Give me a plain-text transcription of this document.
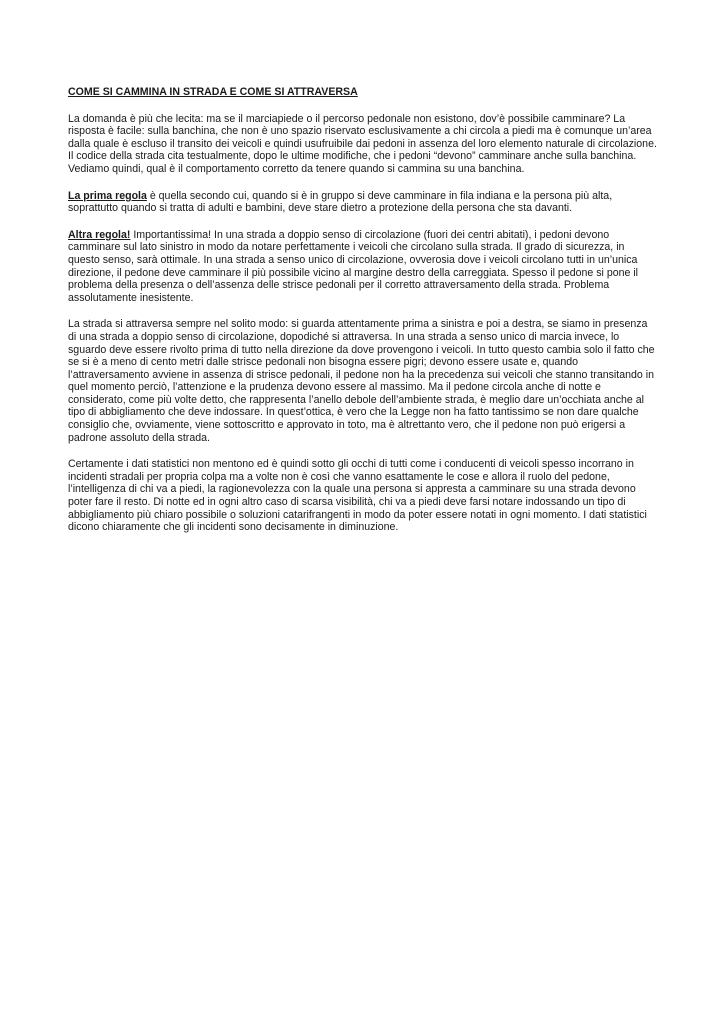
COME SI CAMMINA IN STRADA E COME SI ATTRAVERSA

La domanda è più che lecita: ma se il marciapiede o il percorso pedonale non esistono, dov’è possibile camminare? La risposta è facile: sulla banchina, che non è uno spazio riservato esclusivamente a chi circola a piedi ma è comunque un’area dalla quale è escluso il transito dei veicoli e quindi usufruibile dai pedoni in assenza del loro elemento naturale di circolazione. Il codice della strada cita testualmente, dopo le ultime modifiche, che i pedoni “devono” camminare anche sulla banchina. Vediamo quindi, qual è il comportamento corretto da tenere quando si cammina su una banchina.

La prima regola è quella secondo cui, quando si è in gruppo si deve camminare in fila indiana e la persona più alta, soprattutto quando si tratta di adulti e bambini, deve stare dietro a protezione della persona che sta davanti.

Altra regola! Importantissima! In una strada a doppio senso di circolazione (fuori dei centri abitati), i pedoni devono camminare sul lato sinistro in modo da notare perfettamente i veicoli che circolano sulla strada. Il grado di sicurezza, in questo senso, sarà ottimale. In una strada a senso unico di circolazione, ovverosia dove i veicoli circolano tutti in un’unica direzione, il pedone deve camminare il più possibile vicino al margine destro della carreggiata. Spesso il pedone si pone il problema della presenza o dell’assenza delle strisce pedonali per il corretto attraversamento della strada. Problema assolutamente inesistente.

La strada si attraversa sempre nel solito modo: si guarda attentamente prima a sinistra e poi a destra, se siamo in presenza di una strada a doppio senso di circolazione, dopodiché si attraversa. In una strada a senso unico di marcia invece, lo sguardo deve essere rivolto prima di tutto nella direzione da dove provengono i veicoli. In tutto questo cambia solo il fatto che se si è a meno di cento metri dalle strisce pedonali non bisogna essere pigri; devono essere usate e, quando l’attraversamento avviene in assenza di strisce pedonali, il pedone non ha la precedenza sui veicoli che stanno transitando in quel momento perciò, l’attenzione e la prudenza devono essere al massimo. Ma il pedone circola anche di notte e considerato, come più volte detto, che rappresenta l’anello debole dell’ambiente strada, è meglio dare un’occhiata anche al tipo di abbigliamento che deve indossare. In quest’ottica, è vero che la Legge non ha fatto tantissimo se non dare qualche consiglio che, ovviamente, viene sottoscritto e approvato in toto, ma è altrettanto vero, che il pedone non può erigersi a padrone assoluto della strada.

Certamente i dati statistici non mentono ed è quindi sotto gli occhi di tutti come i conducenti di veicoli spesso incorrano in incidenti stradali per propria colpa ma a volte non è così che vanno esattamente le cose e allora il ruolo del pedone, l’intelligenza di chi va a piedi, la ragionevolezza con la quale una persona si appresta a camminare su una strada devono poter fare il resto. Di notte ed in ogni altro caso di scarsa visibilità, chi va a piedi deve farsi notare indossando un tipo di abbigliamento più chiaro possibile o soluzioni catarifrangenti in modo da poter essere notati in ogni momento. I dati statistici dicono chiaramente che gli incidenti sono decisamente in diminuzione.
